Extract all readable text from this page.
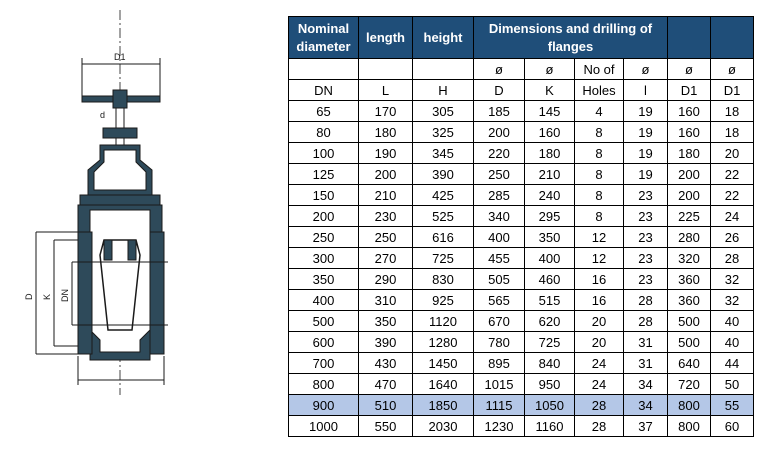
D1
d
D K DN
Nominal diameter	length	height	Dimensions and drilling of flanges					
			ø	ø	No of	ø	ø	ø
DN	L	H	D	K	Holes	l	D1	D1
65	170	305	185	145	4	19	160	18
80	180	325	200	160	8	19	160	18
100	190	345	220	180	8	19	180	20
125	200	390	250	210	8	19	200	22
150	210	425	285	240	8	23	200	22
200	230	525	340	295	8	23	225	24
250	250	616	400	350	12	23	280	26
300	270	725	455	400	12	23	320	28
350	290	830	505	460	16	23	360	32
400	310	925	565	515	16	28	360	32
500	350	1120	670	620	20	28	500	40
600	390	1280	780	725	20	31	500	40
700	430	1450	895	840	24	31	640	44
800	470	1640	1015	950	24	34	720	50
900	510	1850	1115	1050	28	34	800	55
1000	550	2030	1230	1160	28	37	800	60
